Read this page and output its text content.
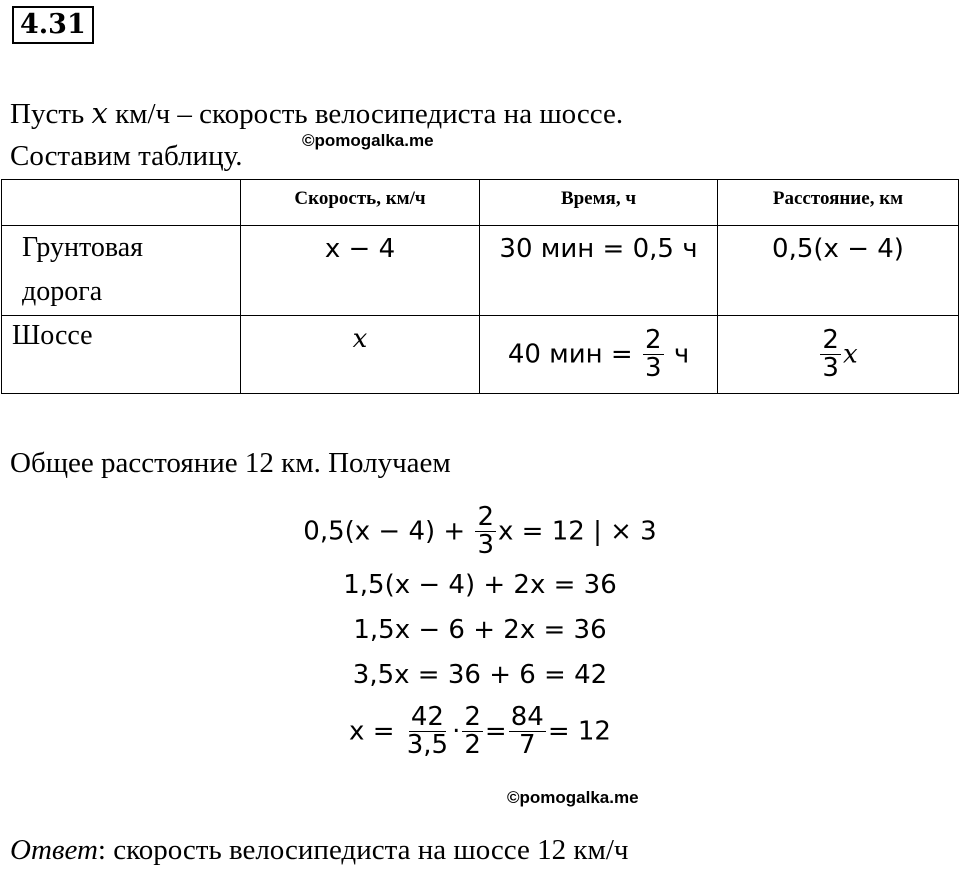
4.31
Пусть x км/ч – скорость велосипедиста на шоссе.
©pomogalka.me
Составим таблицу.
	Скорость, км/ч	Время, ч	Расстояние, км

Грунтовая дорога	x − 4	30 мин = 0,5 ч	0,5(x − 4)

Шоссе	x	40 мин = $\frac{2}{3}$ ч	$\frac{2}{3}$ x
Общее расстояние 12 км. Получаем
$0,5(x - 4) + \frac{2}{3}$ x = 12 | × 3
1,5(x − 4) + 2x = 36
1,5x − 6 + 2x = 36
3,5x = 36 + 6 = 42
$x = \frac{42}{3,5} \cdot \frac{2}{2} = \frac{84}{7} = 12$
©pomogalka.me
Ответ: скорость велосипедиста на шоссе 12 км/ч
